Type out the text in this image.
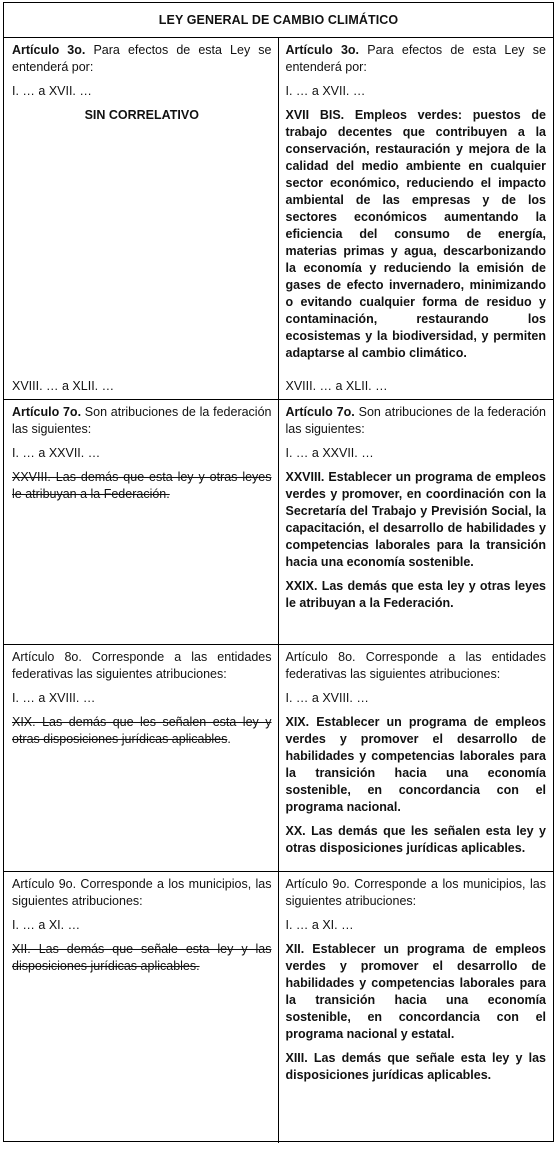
LEY GENERAL DE CAMBIO CLIMÁTICO

Artículo 3o. Para efectos de esta Ley se entenderá por:

I. … a XVII. …

SIN CORRELATIVO

XVIII. … a XLII. …

Artículo 3o. Para efectos de esta Ley se entenderá por:

I. … a XVII. …

XVII BIS. Empleos verdes: puestos de trabajo decentes que contribuyen a la conservación, restauración y mejora de la calidad del medio ambiente en cualquier sector económico, reduciendo el impacto ambiental de las empresas y de los sectores económicos aumentando la eficiencia del consumo de energía, materias primas y agua, descarbonizando la economía y reduciendo la emisión de gases de efecto invernadero, minimizando o evitando cualquier forma de residuo y contaminación, restaurando los ecosistemas y la biodiversidad, y permiten adaptarse al cambio climático.

XVIII. … a XLII. …

Artículo 7o. Son atribuciones de la federación las siguientes:

I. … a XXVII. …

XXVIII. Las demás que esta ley y otras leyes le atribuyan a la Federación.

Artículo 7o. Son atribuciones de la federación las siguientes:

I. … a XXVII. …

XXVIII. Establecer un programa de empleos verdes y promover, en coordinación con la Secretaría del Trabajo y Previsión Social, la capacitación, el desarrollo de habilidades y competencias laborales para la transición hacia una economía sostenible.

XXIX. Las demás que esta ley y otras leyes le atribuyan a la Federación.

Artículo 8o. Corresponde a las entidades federativas las siguientes atribuciones:

I. … a XVIII. …

XIX. Las demás que les señalen esta ley y otras disposiciones jurídicas aplicables.

Artículo 8o. Corresponde a las entidades federativas las siguientes atribuciones:

I. … a XVIII. …

XIX. Establecer un programa de empleos verdes y promover el desarrollo de habilidades y competencias laborales para la transición hacia una economía sostenible, en concordancia con el programa nacional.

XX. Las demás que les señalen esta ley y otras disposiciones jurídicas aplicables.

Artículo 9o. Corresponde a los municipios, las siguientes atribuciones:

I. … a XI. …

XII. Las demás que señale esta ley y las disposiciones jurídicas aplicables.

Artículo 9o. Corresponde a los municipios, las siguientes atribuciones:

I. … a XI. …

XII. Establecer un programa de empleos verdes y promover el desarrollo de habilidades y competencias laborales para la transición hacia una economía sostenible, en concordancia con el programa nacional y estatal.

XIII. Las demás que señale esta ley y las disposiciones jurídicas aplicables.
